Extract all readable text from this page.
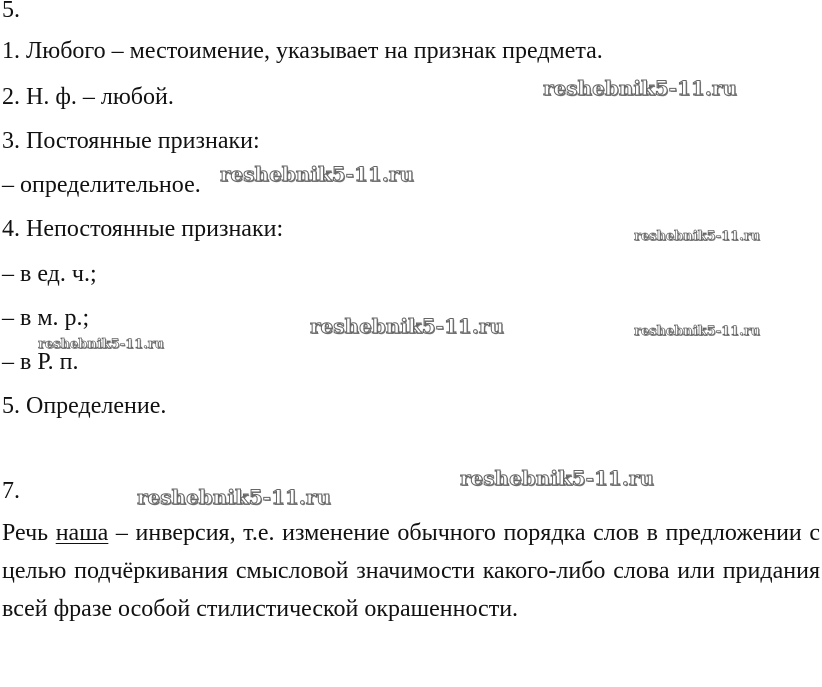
5.
1. Любого – местоимение, указывает на признак предмета.
2. Н. ф. – любой.
3. Постоянные признаки:
– определительное.
4. Непостоянные признаки:
– в ед. ч.;
– в м. р.;
– в Р. п.
5. Определение.
7.
Речь наша – инверсия, т.е. изменение обычного порядка слов в предложении с целью подчёркивания смысловой значимости какого-либо слова или придания всей фразе особой стилистической окрашенности.
reshebnik5-11.ru
reshebnik5-11.ru
reshebnik5-11.ru
reshebnik5-11.ru	reshebnik5-11.ru
reshebnik5-11.ru
reshebnik5-11.ru
reshebnik5-11.ru
